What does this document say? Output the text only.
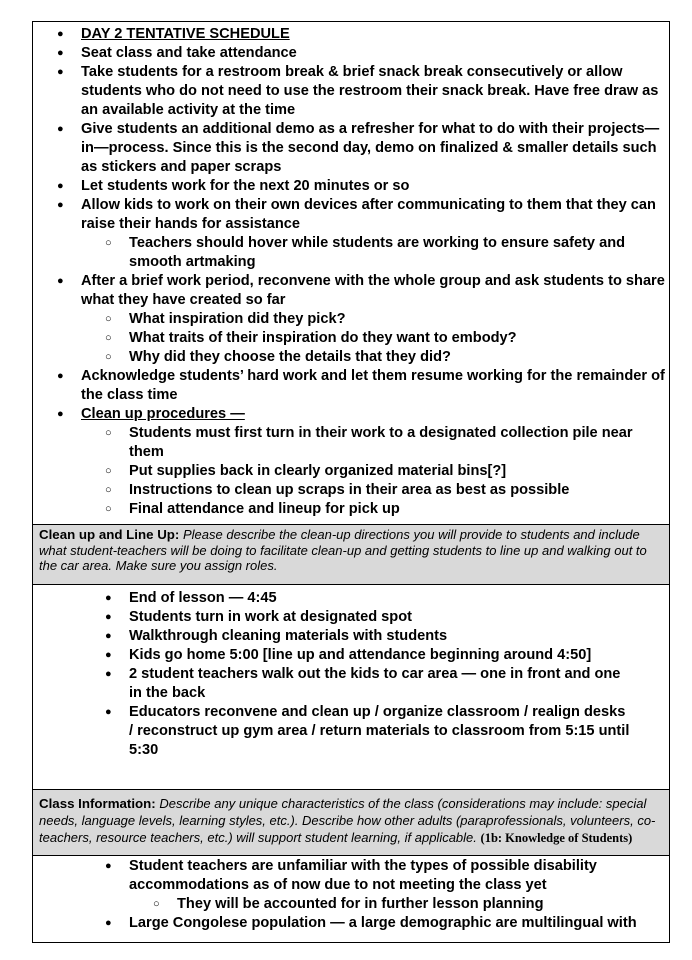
● DAY 2 TENTATIVE SCHEDULE
● Seat class and take attendance
● Take students for a restroom break & brief snack break consecutively or allow students who do not need to use the restroom their snack break. Have free draw as an available activity at the time
● Give students an additional demo as a refresher for what to do with their projects—in—process. Since this is the second day, demo on finalized & smaller details such as stickers and paper scraps
● Let students work for the next 20 minutes or so
● Allow kids to work on their own devices after communicating to them that they can raise their hands for assistance
○ Teachers should hover while students are working to ensure safety and smooth artmaking
● After a brief work period, reconvene with the whole group and ask students to share what they have created so far
○ What inspiration did they pick?
○ What traits of their inspiration do they want to embody?
○ Why did they choose the details that they did?
● Acknowledge students’ hard work and let them resume working for the remainder of the class time
● Clean up procedures —
○ Students must first turn in their work to a designated collection pile near them
○ Put supplies back in clearly organized material bins[?]
○ Instructions to clean up scraps in their area as best as possible
○ Final attendance and lineup for pick up
Clean up and Line Up: Please describe the clean-up directions you will provide to students and include what student-teachers will be doing to facilitate clean-up and getting students to line up and walking out to the car area. Make sure you assign roles.
● End of lesson — 4:45
● Students turn in work at designated spot
● Walkthrough cleaning materials with students
● Kids go home 5:00 [line up and attendance beginning around 4:50]
● 2 student teachers walk out the kids to car area — one in front and one in the back
● Educators reconvene and clean up / organize classroom / realign desks / reconstruct up gym area / return materials to classroom from 5:15 until 5:30
Class Information: Describe any unique characteristics of the class (considerations may include: special needs, language levels, learning styles, etc.). Describe how other adults (paraprofessionals, volunteers, co-teachers, resource teachers, etc.) will support student learning, if applicable. (1b: Knowledge of Students)
● Student teachers are unfamiliar with the types of possible disability accommodations as of now due to not meeting the class yet
○ They will be accounted for in further lesson planning
● Large Congolese population — a large demographic are multilingual with
